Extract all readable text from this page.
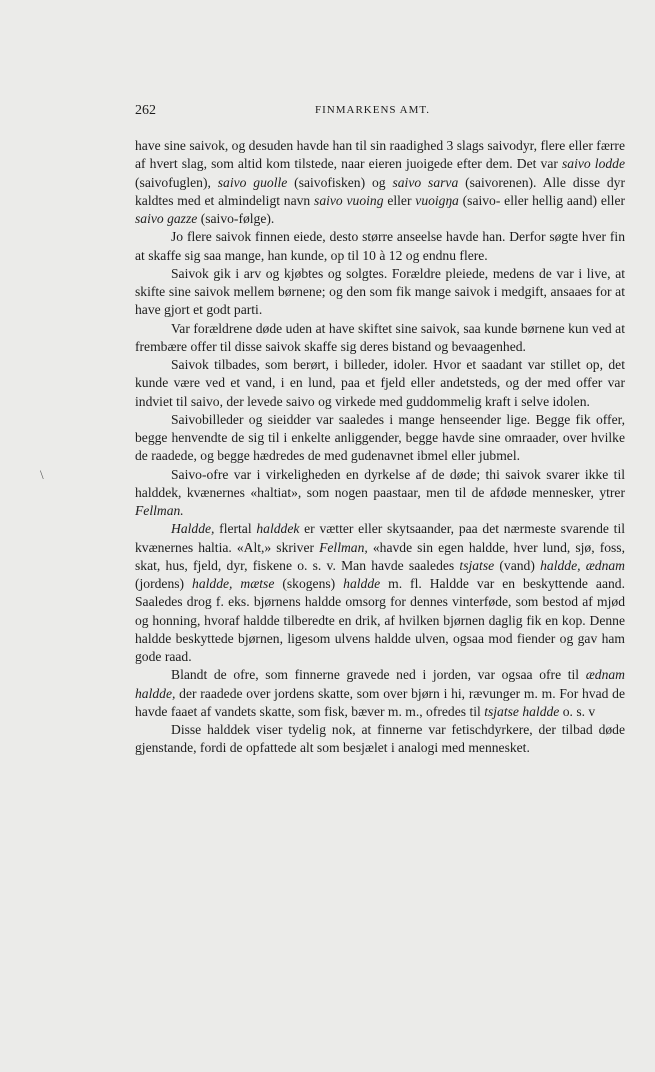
262	FINMARKENS AMT.
\

have sine saivok, og desuden havde han til sin raadighed 3 slags saivodyr, flere eller færre af hvert slag, som altid kom tilstede, naar eieren juoigede efter dem. Det var saivo lodde (saivofuglen), saivo guolle (saivofisken) og saivo sarva (saivorenen). Alle disse dyr kaldtes med et almindeligt navn saivo vuoing eller vuoigŋa (saivo- eller hellig aand) eller saivo gazze (saivo-følge).

Jo flere saivok finnen eiede, desto større anseelse havde han. Derfor søgte hver fin at skaffe sig saa mange, han kunde, op til 10 à 12 og endnu flere.

Saivok gik i arv og kjøbtes og solgtes. Forældre pleiede, medens de var i live, at skifte sine saivok mellem børnene; og den som fik mange saivok i medgift, ansaaes for at have gjort et godt parti.

Var forældrene døde uden at have skiftet sine saivok, saa kunde børnene kun ved at frembære offer til disse saivok skaffe sig deres bistand og bevaagenhed.

Saivok tilbades, som berørt, i billeder, idoler. Hvor et saadant var stillet op, det kunde være ved et vand, i en lund, paa et fjeld eller andetsteds, og der med offer var indviet til saivo, der levede saivo og virkede med guddommelig kraft i selve idolen.

Saivobilleder og sieidder var saaledes i mange henseender lige. Begge fik offer, begge henvendte de sig til i enkelte anliggender, begge havde sine omraader, over hvilke de raadede, og begge hædredes de med gudenavnet ibmel eller jubmel.

Saivo-ofre var i virkeligheden en dyrkelse af de døde; thi saivok svarer ikke til halddek, kvænernes «haltiat», som nogen paastaar, men til de afdøde mennesker, ytrer Fellman.

Haldde, flertal halddek er vætter eller skytsaander, paa det nærmeste svarende til kvænernes haltia. «Alt,» skriver Fellman, «havde sin egen haldde, hver lund, sjø, foss, skat, hus, fjeld, dyr, fiskene o. s. v. Man havde saaledes tsjatse (vand) haldde, ædnam (jordens) haldde, mætse (skogens) haldde m. fl. Haldde var en beskyttende aand. Saaledes drog f. eks. bjørnens haldde omsorg for dennes vinterføde, som bestod af mjød og honning, hvoraf haldde tilberedte en drik, af hvilken bjørnen daglig fik en kop. Denne haldde beskyttede bjørnen, ligesom ulvens haldde ulven, ogsaa mod fiender og gav ham gode raad.

Blandt de ofre, som finnerne gravede ned i jorden, var ogsaa ofre til ædnam haldde, der raadede over jordens skatte, som over bjørn i hi, rævunger m. m. For hvad de havde faaet af vandets skatte, som fisk, bæver m. m., ofredes til tsjatse haldde o. s. v

Disse halddek viser tydelig nok, at finnerne var fetischdyrkere, der tilbad døde gjenstande, fordi de opfattede alt som besjælet i analogi med mennesket.
